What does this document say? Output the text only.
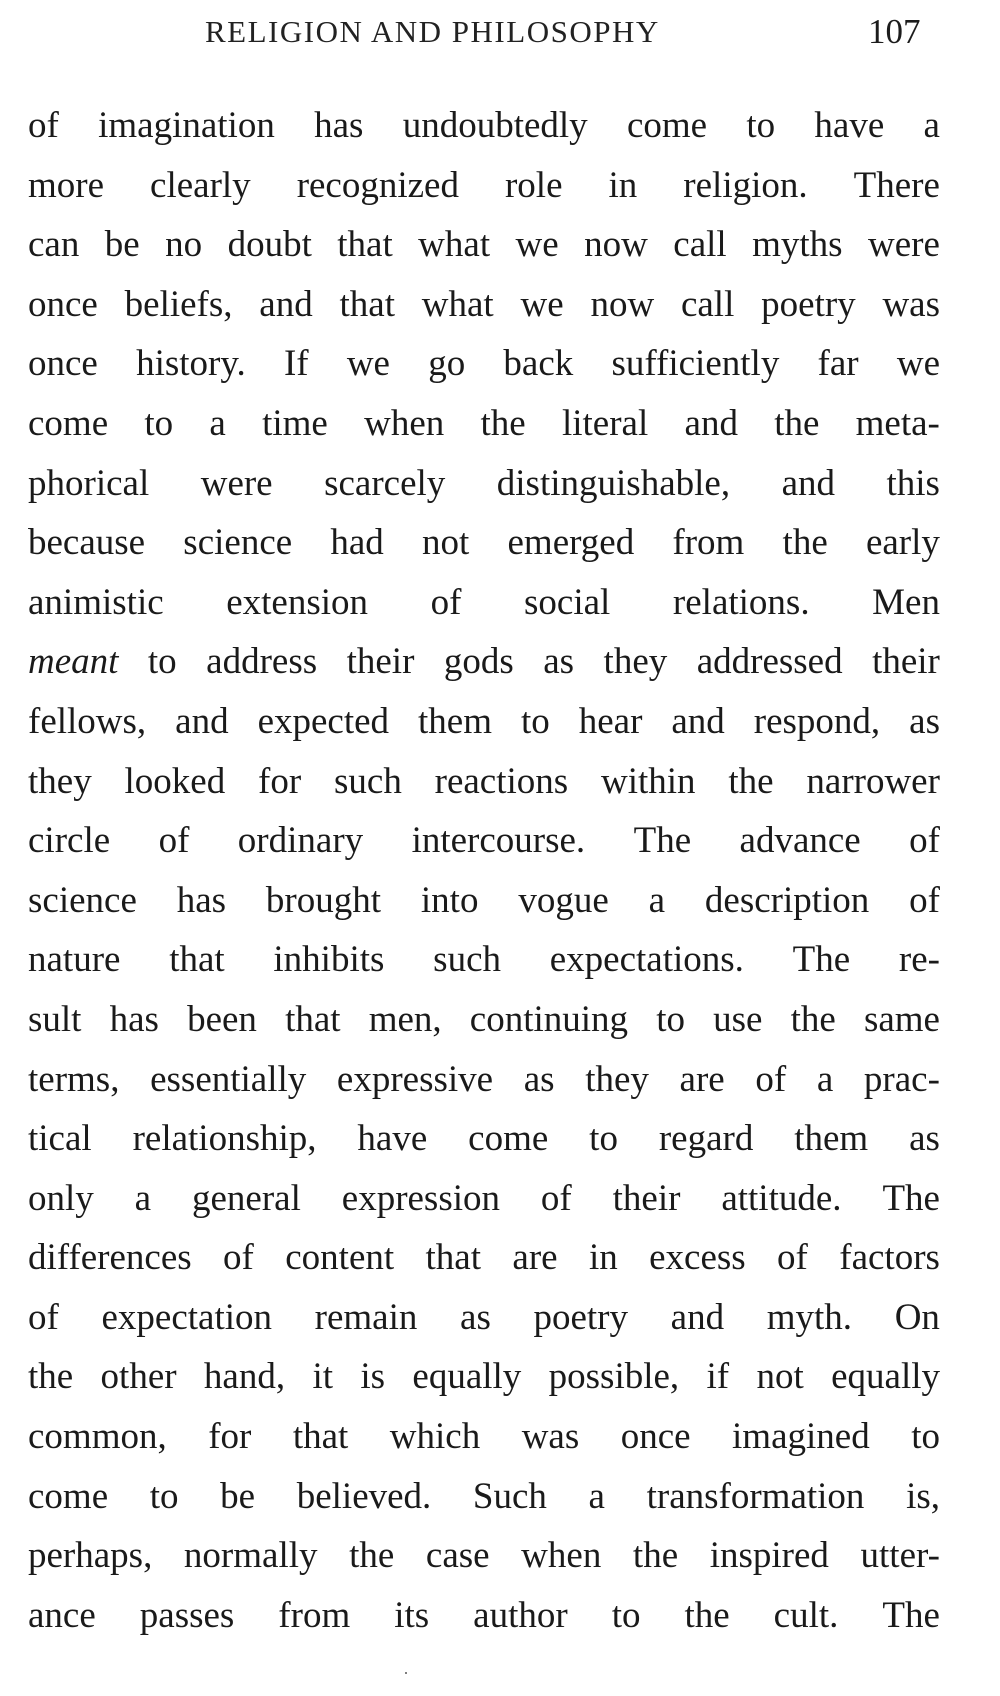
RELIGION AND PHILOSOPHY	107
of imagination has undoubtedly come to have a
more clearly recognized role in religion. There
can be no doubt that what we now call myths were
once beliefs, and that what we now call poetry was
once history. If we go back sufficiently far we
come to a time when the literal and the meta-
phorical were scarcely distinguishable, and this
because science had not emerged from the early
animistic extension of social relations. Men
meant to address their gods as they addressed their
fellows, and expected them to hear and respond, as
they looked for such reactions within the narrower
circle of ordinary intercourse. The advance of
science has brought into vogue a description of
nature that inhibits such expectations. The re-
sult has been that men, continuing to use the same
terms, essentially expressive as they are of a prac-
tical relationship, have come to regard them as
only a general expression of their attitude. The
differences of content that are in excess of factors
of expectation remain as poetry and myth. On
the other hand, it is equally possible, if not equally
common, for that which was once imagined to
come to be believed. Such a transformation is,
perhaps, normally the case when the inspired utter-
ance passes from its author to the cult. The
